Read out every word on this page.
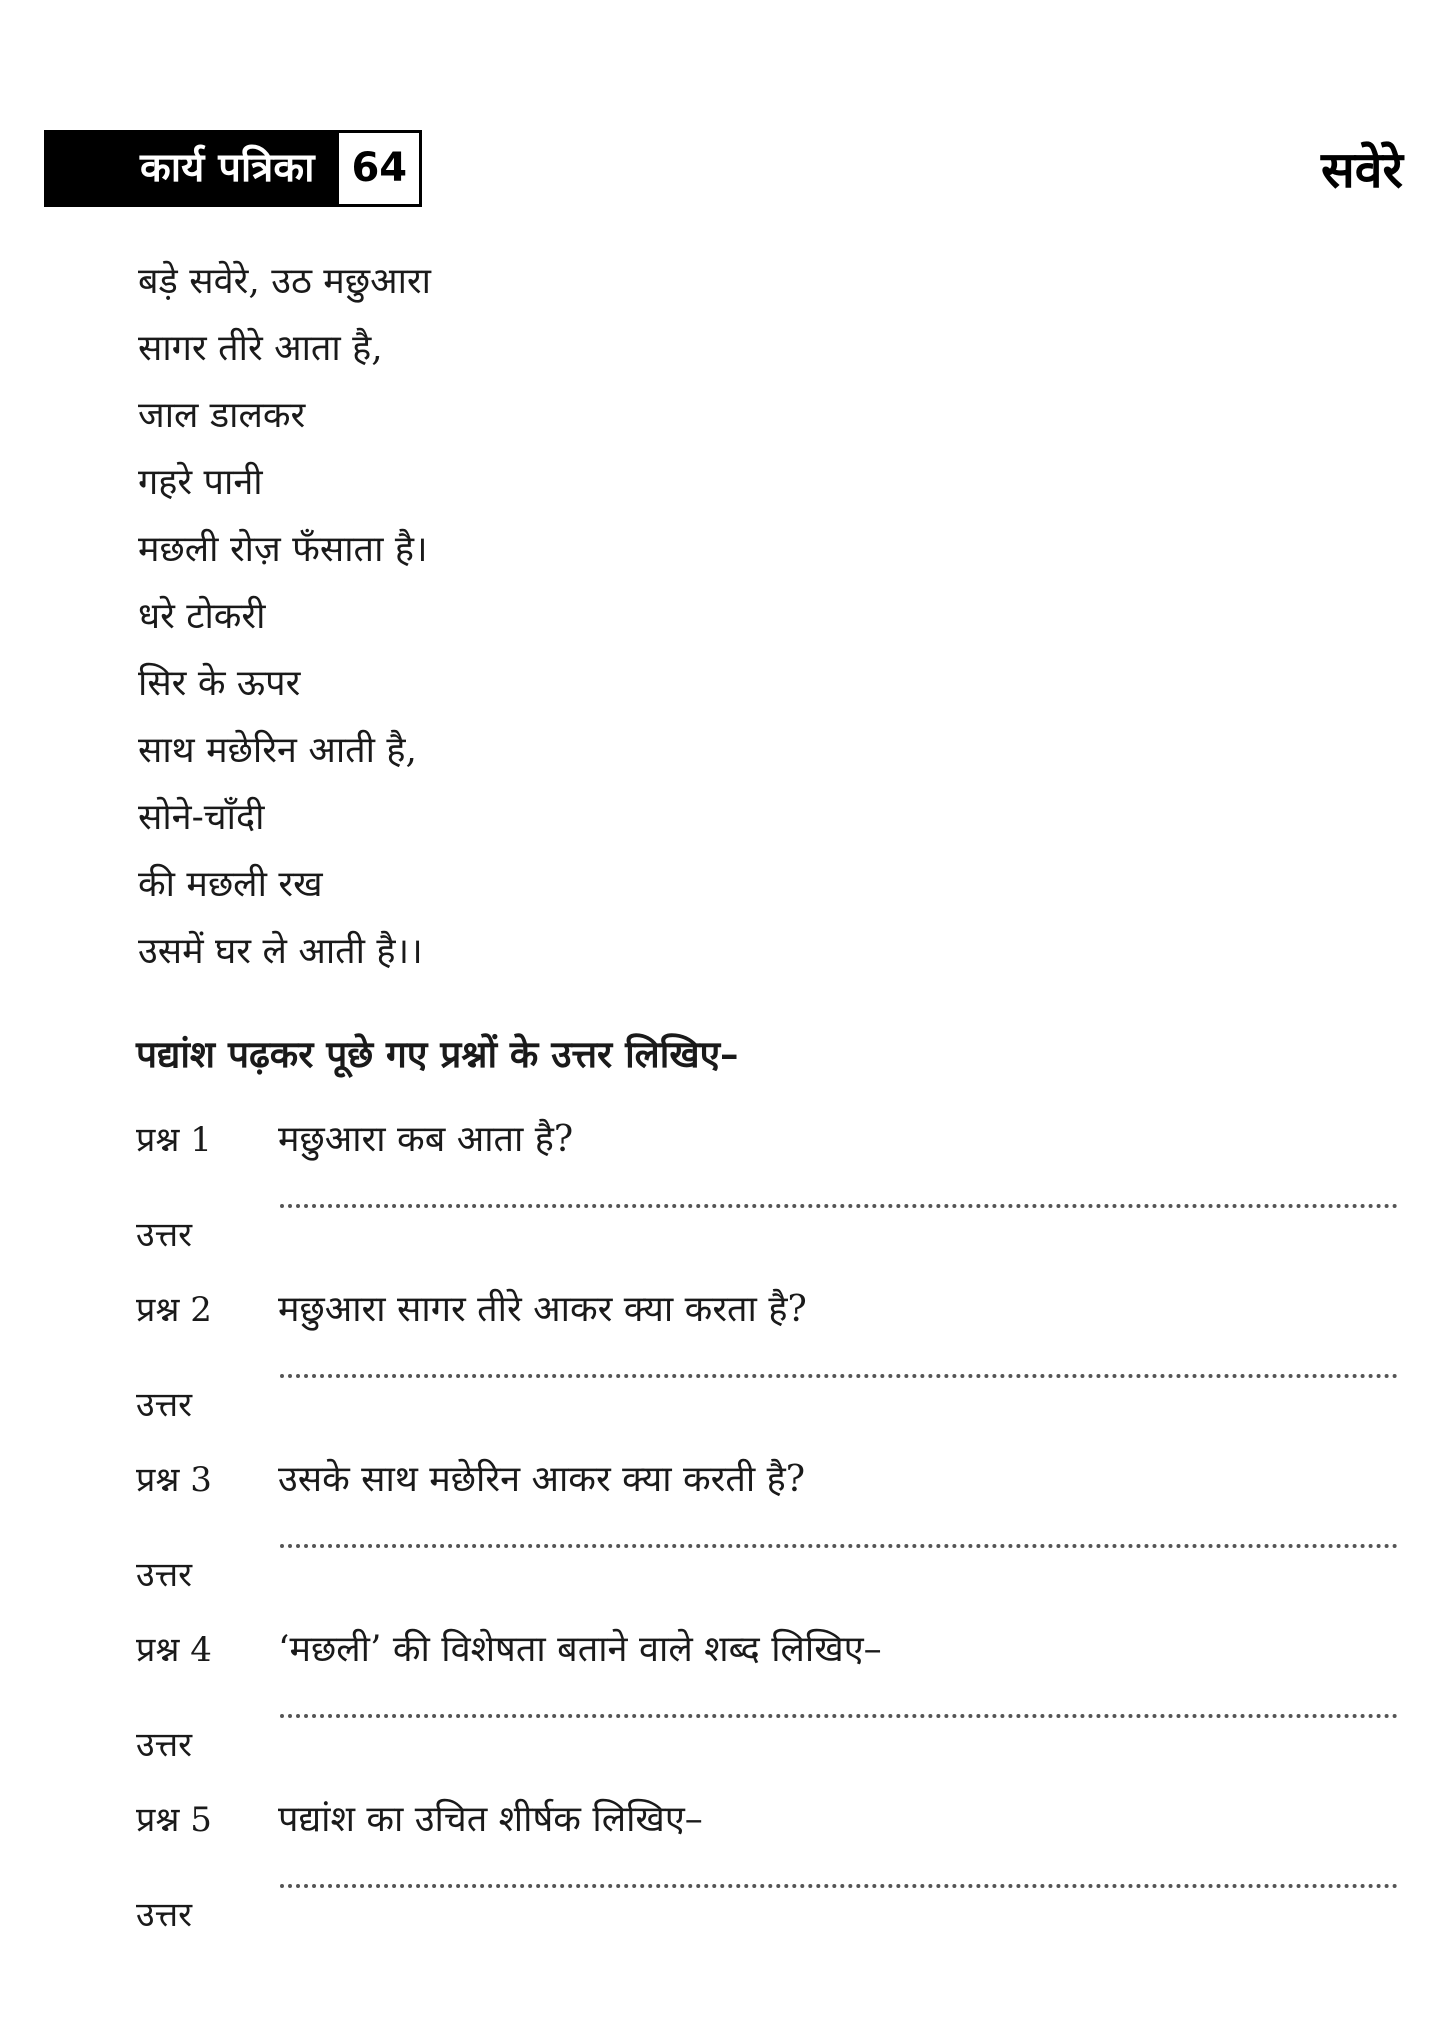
कार्य पत्रिका 64	सवेरे
बड़े सवेरे, उठ मछुआरा
सागर तीरे आता है,
जाल डालकर
गहरे पानी
मछली रोज़ फँसाता है।
धरे टोकरी
सिर के ऊपर
साथ मछेरिन आती है,
सोने-चाँदी
की मछली रख
उसमें घर ले आती है।।
पद्यांश पढ़कर पूछे गए प्रश्नों के उत्तर लिखिए–
प्रश्न 1 मछुआरा कब आता है?
उत्तर
प्रश्न 2 मछुआरा सागर तीरे आकर क्या करता है?
उत्तर
प्रश्न 3 उसके साथ मछेरिन आकर क्या करती है?
उत्तर
प्रश्न 4 ‘मछली’ की विशेषता बताने वाले शब्द लिखिए–
उत्तर
प्रश्न 5 पद्यांश का उचित शीर्षक लिखिए–
उत्तर
